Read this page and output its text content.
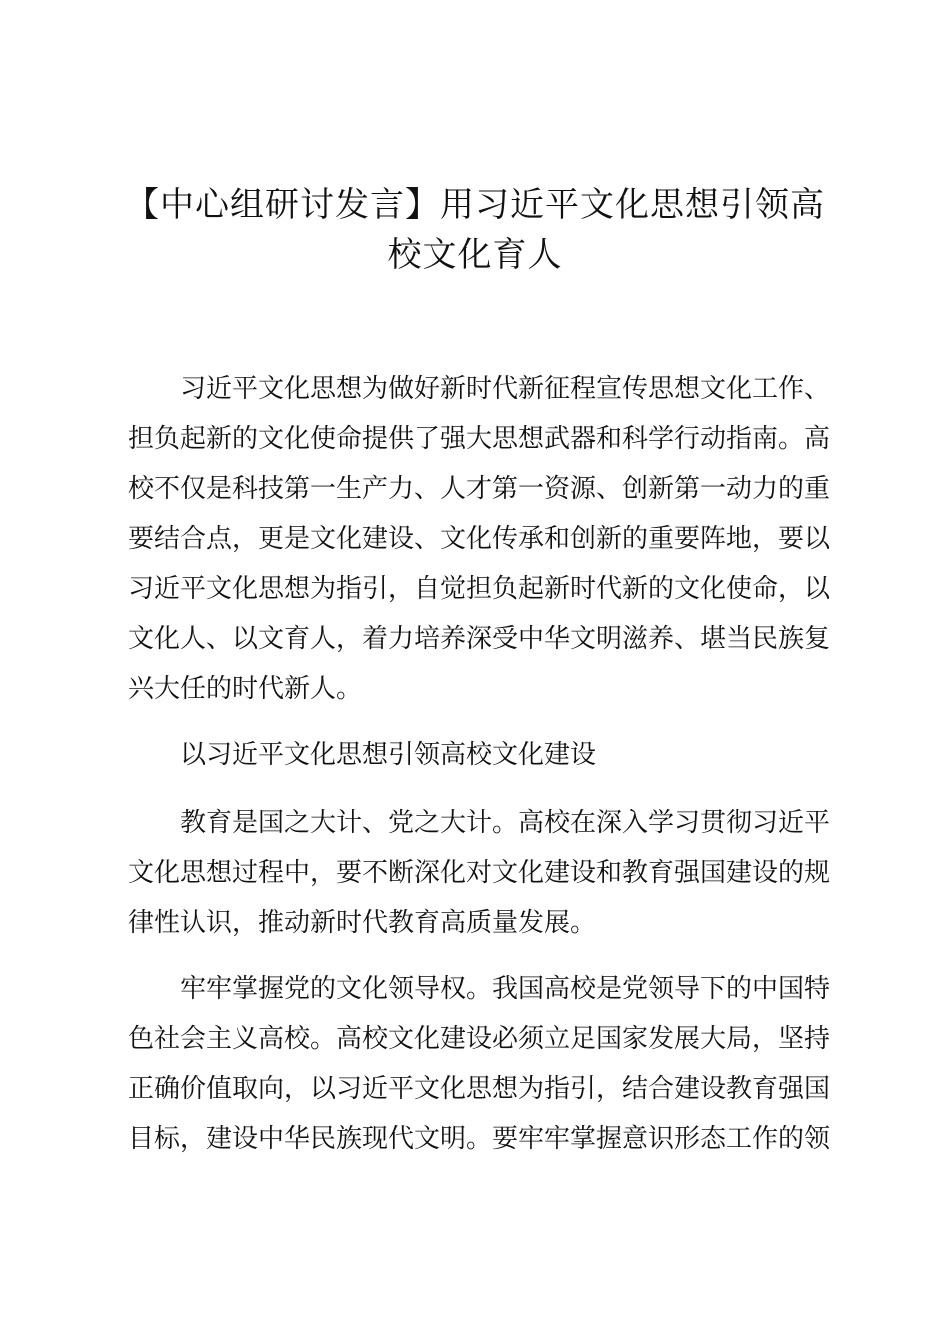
【中心组研讨发言】用习近平文化思想引领高校文化育人

习近平文化思想为做好新时代新征程宣传思想文化工作、担负起新的文化使命提供了强大思想武器和科学行动指南。高校不仅是科技第一生产力、人才第一资源、创新第一动力的重要结合点，更是文化建设、文化传承和创新的重要阵地，要以习近平文化思想为指引，自觉担负起新时代新的文化使命，以文化人、以文育人，着力培养深受中华文明滋养、堪当民族复兴大任的时代新人。

以习近平文化思想引领高校文化建设

教育是国之大计、党之大计。高校在深入学习贯彻习近平文化思想过程中，要不断深化对文化建设和教育强国建设的规律性认识，推动新时代教育高质量发展。

牢牢掌握党的文化领导权。我国高校是党领导下的中国特色社会主义高校。高校文化建设必须立足国家发展大局，坚持正确价值取向，以习近平文化思想为指引，结合建设教育强国目标，建设中华民族现代文明。要牢牢掌握意识形态工作的领
